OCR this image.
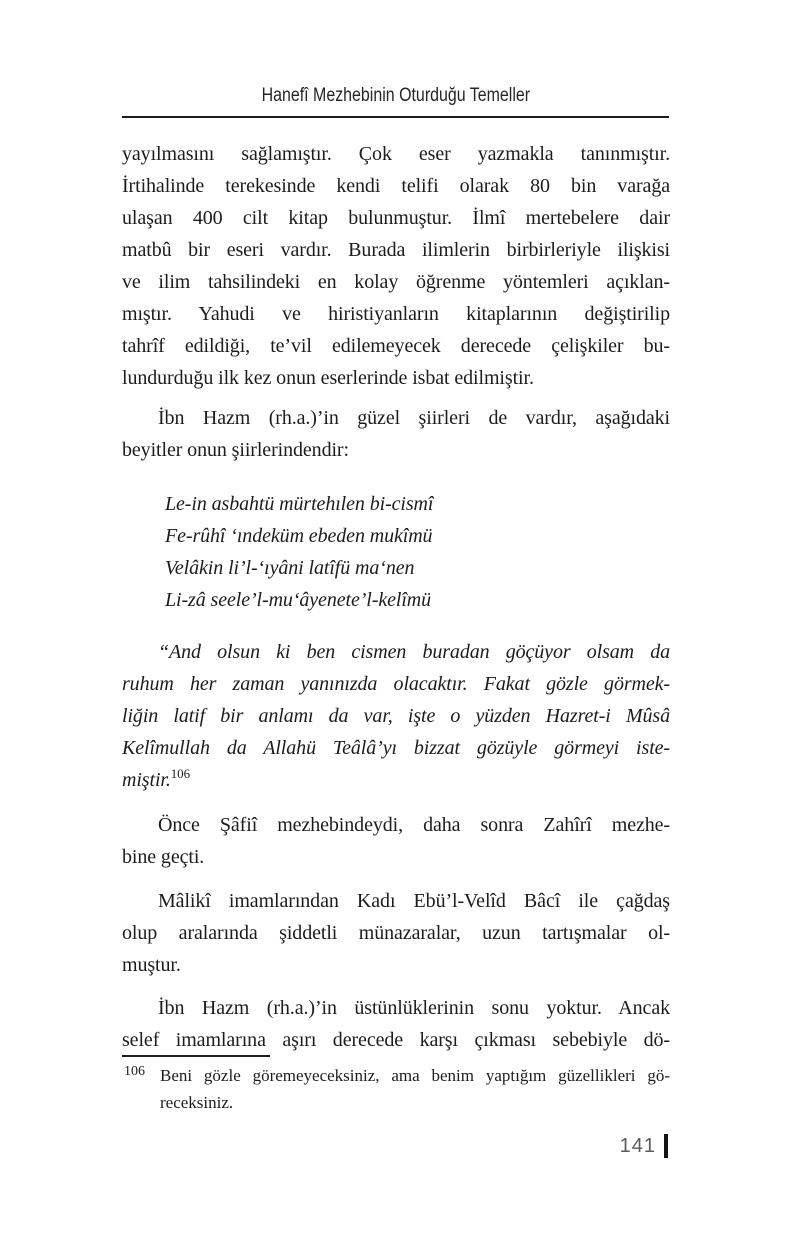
Hanefî Mezhebinin Oturduğu Temeller
yayılmasını sağlamıştır. Çok eser yazmakla tanınmıştır.
İrtihalinde terekesinde kendi telifi olarak 80 bin varağa
ulaşan 400 cilt kitap bulunmuştur. İlmî mertebelere dair
matbû bir eseri vardır. Burada ilimlerin birbirleriyle ilişkisi
ve ilim tahsilindeki en kolay öğrenme yöntemleri açıklan-
mıştır. Yahudi ve hiristiyanların kitaplarının değiştirilip
tahrîf edildiği, te’vil edilemeyecek derecede çelişkiler bu-
lundurduğu ilk kez onun eserlerinde isbat edilmiştir.
İbn Hazm (rh.a.)’in güzel şiirleri de vardır, aşağıdaki
beyitler onun şiirlerindendir:
Le-in asbahtü mürtehılen bi-cismî
Fe-rûhî ‘ındeküm ebeden mukîmü
Velâkin li’l-‘ıyâni latîfü ma‘nen
Li-zâ seele’l-mu‘âyenete’l-kelîmü
“And olsun ki ben cismen buradan göçüyor olsam da
ruhum her zaman yanınızda olacaktır. Fakat gözle görmek-
liğin latif bir anlamı da var, işte o yüzden Hazret-i Mûsâ
Kelîmullah da Allahü Teâlâ’yı bizzat gözüyle görmeyi iste-
miştir.$^{106}$
Önce Şâfiî mezhebindeydi, daha sonra Zahîrî mezhe-
bine geçti.
Mâlikî imamlarından Kadı Ebü’l-Velîd Bâcî ile çağdaş
olup aralarında şiddetli münazaralar, uzun tartışmalar ol-
muştur.
İbn Hazm (rh.a.)’in üstünlüklerinin sonu yoktur. Ancak
selef imamlarına aşırı derecede karşı çıkması sebebiyle dö-
106 Beni gözle göremeyeceksiniz, ama benim yaptığım güzellikleri gö-
receksiniz.
141
